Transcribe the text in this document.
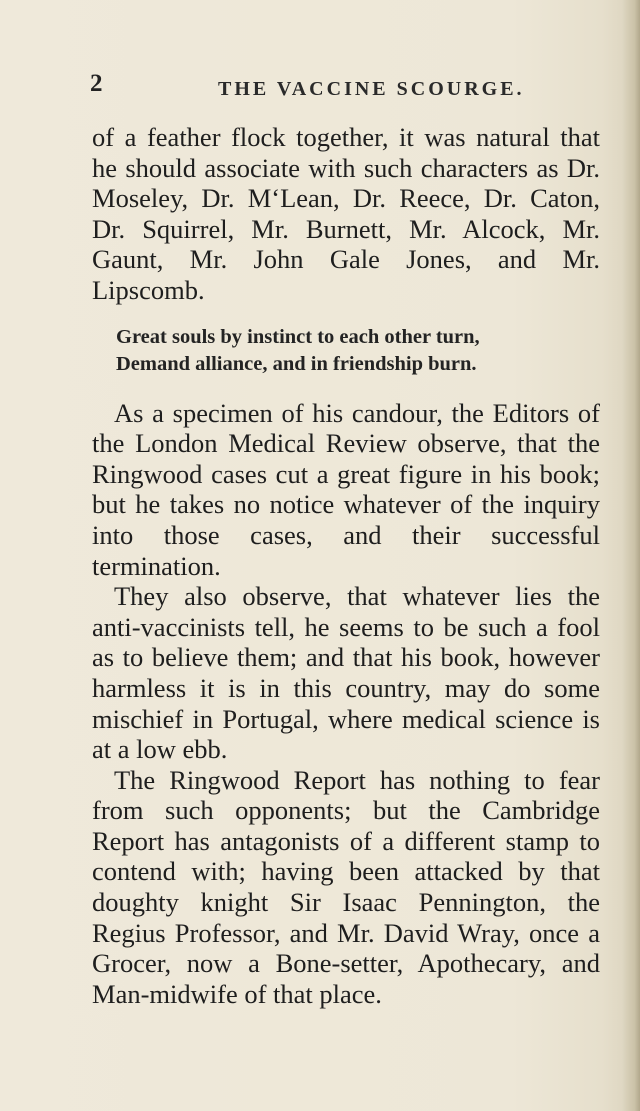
2	THE VACCINE SCOURGE.

of a feather flock together, it was natural that he should associate with such characters as Dr. Moseley, Dr. M‘Lean, Dr. Reece, Dr. Caton, Dr. Squirrel, Mr. Burnett, Mr. Alcock, Mr. Gaunt, Mr. John Gale Jones, and Mr. Lipscomb.

Great souls by instinct to each other turn,
Demand alliance, and in friendship burn.

As a specimen of his candour, the Editors of the London Medical Review observe, that the Ringwood cases cut a great figure in his book; but he takes no notice whatever of the inquiry into those cases, and their successful termination.

They also observe, that whatever lies the anti-vaccinists tell, he seems to be such a fool as to believe them; and that his book, however harmless it is in this country, may do some mischief in Portugal, where medical science is at a low ebb.

The Ringwood Report has nothing to fear from such opponents; but the Cambridge Report has antagonists of a different stamp to contend with; having been attacked by that doughty knight Sir Isaac Pennington, the Regius Professor, and Mr. David Wray, once a Grocer, now a Bone-setter, Apothecary, and Man-midwife of that place.
